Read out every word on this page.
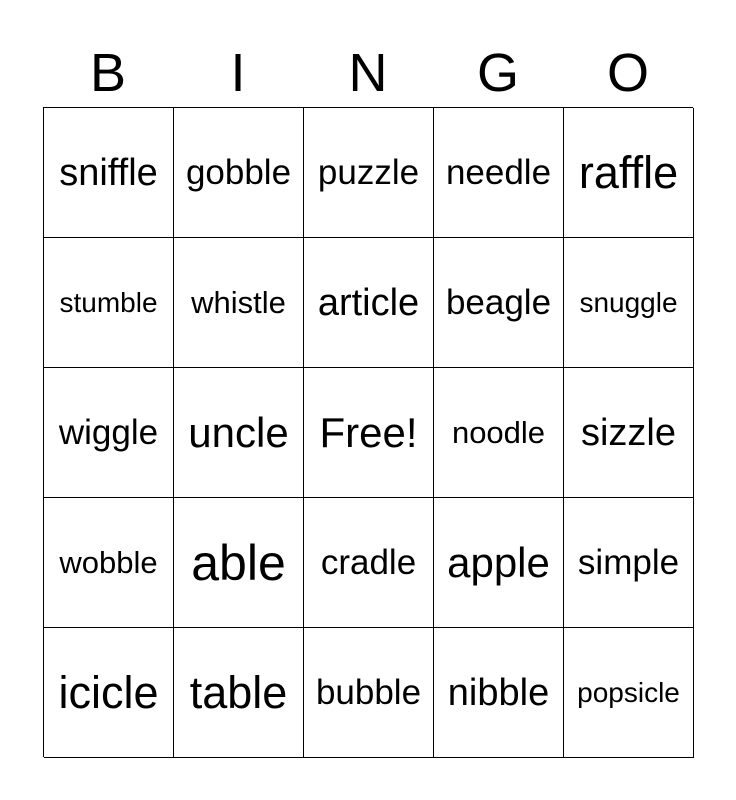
B	I	N	G	O
sniffle gobble puzzle needle raffle
stumble whistle article beagle snuggle
wiggle uncle Free! noodle sizzle
wobble able cradle apple simple
icicle table bubble nibble popsicle
